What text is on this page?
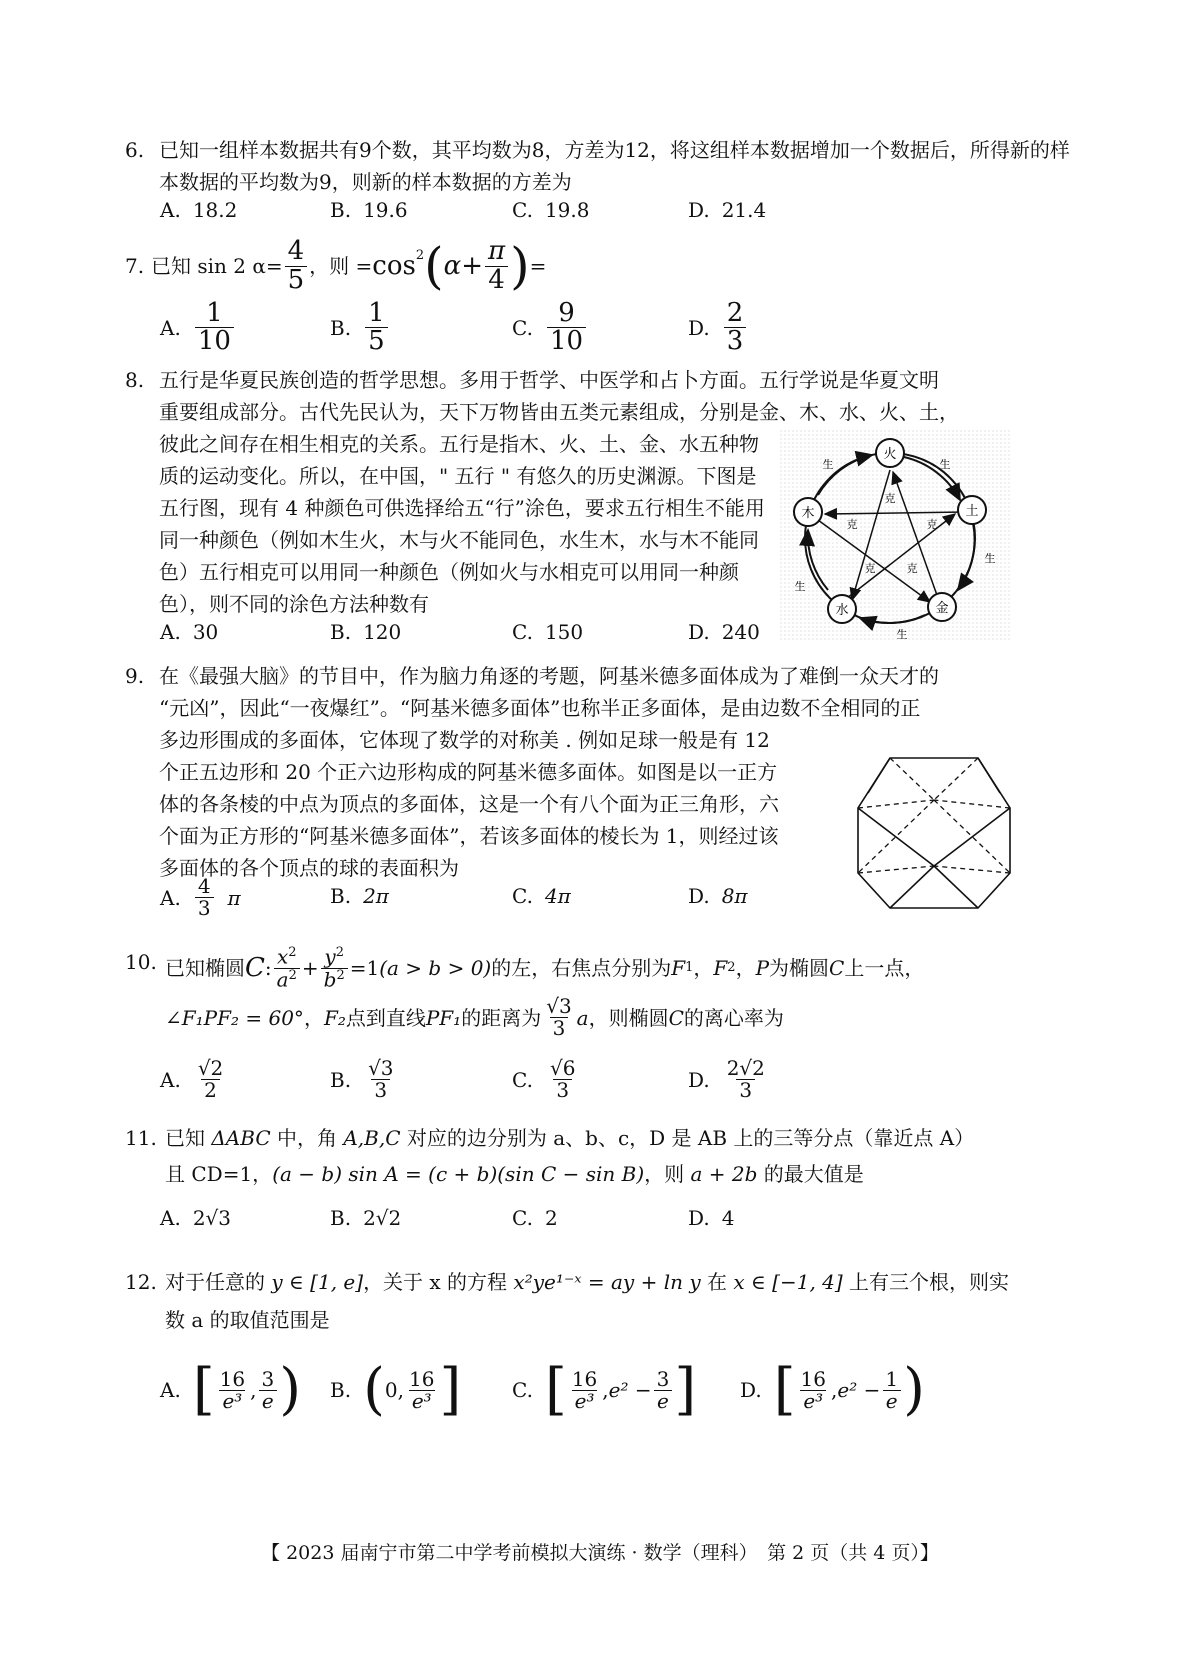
6. 已知一组样本数据共有9个数，其平均数为8，方差为12，将这组样本数据增加一个数据后，所得新的样本数据的平均数为9，则新的样本数据的方差为
A. 18.2	B. 19.6	C. 19.8	D. 21.4
7. 已知 sin 2 $\alpha = \frac{4}{5}$ ，则 = cos 2 ( $\alpha+ \frac{\pi}{4}$ ) =
A. $\frac{1}{10}$	B. $\frac{1}{5}$	C. $\frac{9}{10}$	D. $\frac{2}{3}$
8. 五行是华夏民族创造的哲学思想。多用于哲学、中医学和占卜方面。五行学说是华夏文明
重要组成部分。古代先民认为，天下万物皆由五类元素组成，分别是金、木、水、火、土，
彼此之间存在相生相克的关系。五行是指木、火、土、金、水五种物质的运动变化。所以，在中国，" 五行 " 有悠久的历史渊源。下图是五行图，现有 4 种颜色可供选择给五“行”涂色，要求五行相生不能用同一种颜色（例如木生火，木与火不能同色，水生木，水与木不能同色）五行相克可以用同一种颜色（例如火与水相克可以用同一种颜色），则不同的涂色方法种数有
火
土
金
水
木
生	生
生
生
生
克
克	克
克	克
A. 30	B. 120	C. 150	D. 240
9. 在《最强大脑》的节目中，作为脑力角逐的考题，阿基米德多面体成为了难倒一众天才的
“元凶”，因此“一夜爆红”。“阿基米德多面体”也称半正多面体，是由边数不全相同的正
多边形围成的多面体，它体现了数学的对称美 . 例如足球一般是有 12 个正五边形和 20 个正六边形构成的阿基米德多面体。如图是以一正方体的各条棱的中点为顶点的多面体，这是一个有八个面为正三角形，六个面为正方形的“阿基米德多面体”，若该多面体的棱长为 1，则经过该多面体的各个顶点的球的表面积为
A. $\frac{4}{3}$ π	B. 2π	C. 4π	D. 8π
10. 已知椭圆 C : $\frac{x^2}{a^2} + \frac{y^2}{b^2} =1$ (a > b > 0) 的左，右焦点分别为 F 1 ， F 2 ， P 为椭圆 C 上一点，
∠F₁PF₂ = 60° ， F₂ 点到直线 PF₁ 的距离为 $\frac{√3}{3}$ a ，则椭圆 C 的离心率为
A. $\frac{√2}{2}$	B. $\frac{√3}{3}$	C. $\frac{√6}{3}$	D. $\frac{2√2}{3}$
11. 已知 ΔABC 中，角 A,B,C 对应的边分别为 a、b、c，D 是 AB 上的三等分点（靠近点 A）
且 CD=1，(a − b) sin A = (c + b)(sin C − sin B)，则 a + 2b 的最大值是
A. 2√3	B. 2√2	C. 2	D. 4
12. 对于任意的 y ∈ [1, e]，关于 x 的方程 x²ye¹⁻ˣ = ay + ln y 在 x ∈ [−1, 4] 上有三个根，则实
数 a 的取值范围是
A. [ $\frac{16}{\text{e³}}$ , $\frac{3}{e}$ ) B. ( 0, $\frac{16}{\text{e³}}$ ]	C. [ $\frac{16}{\text{e³}}$ , $e^2 - \frac{3}{e}$ ] D. [ $\frac{16}{\text{e³}}$ , $e^2 - \frac{1}{e}$ )
【 2023 届南宁市第二中学考前模拟大演练 · 数学（理科）　第 2 页（共 4 页）】
